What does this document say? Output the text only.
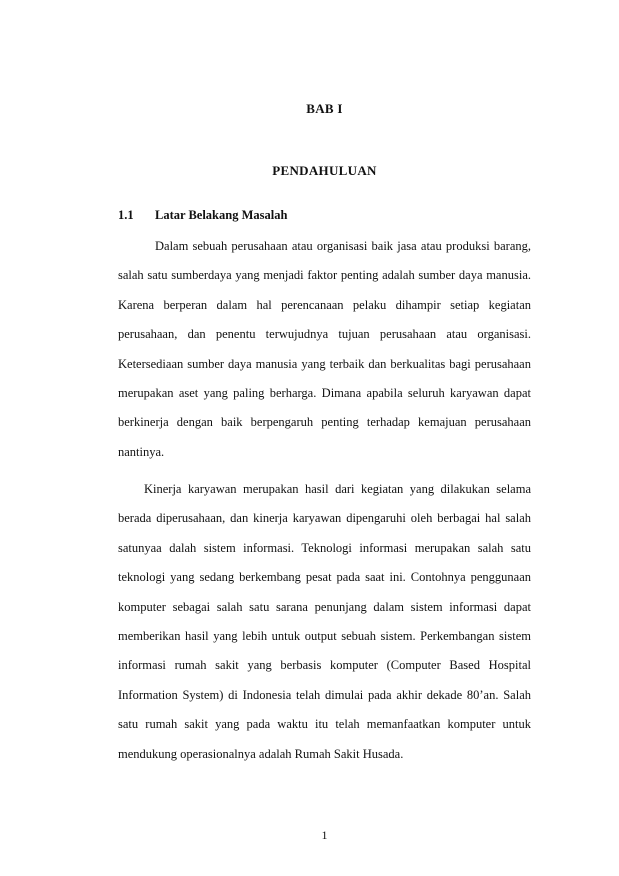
BAB I
PENDAHULUAN
1.1 Latar Belakang Masalah

Dalam sebuah perusahaan atau organisasi baik jasa atau produksi barang, salah satu sumberdaya yang menjadi faktor penting adalah sumber daya manusia. Karena berperan dalam hal perencanaan pelaku dihampir setiap kegiatan perusahaan, dan penentu terwujudnya tujuan perusahaan atau organisasi. Ketersediaan sumber daya manusia yang terbaik dan berkualitas bagi perusahaan merupakan aset yang paling berharga. Dimana apabila seluruh karyawan dapat berkinerja dengan baik berpengaruh penting terhadap kemajuan perusahaan nantinya.

Kinerja karyawan merupakan hasil dari kegiatan yang dilakukan selama berada diperusahaan, dan kinerja karyawan dipengaruhi oleh berbagai hal salah satunyaa dalah sistem informasi. Teknologi informasi merupakan salah satu teknologi yang sedang berkembang pesat pada saat ini. Contohnya penggunaan komputer sebagai salah satu sarana penunjang dalam sistem informasi dapat memberikan hasil yang lebih untuk output sebuah sistem. Perkembangan sistem informasi rumah sakit yang berbasis komputer (Computer Based Hospital Information System) di Indonesia telah dimulai pada akhir dekade 80’an. Salah satu rumah sakit yang pada waktu itu telah memanfaatkan komputer untuk mendukung operasionalnya adalah Rumah Sakit Husada.

1
